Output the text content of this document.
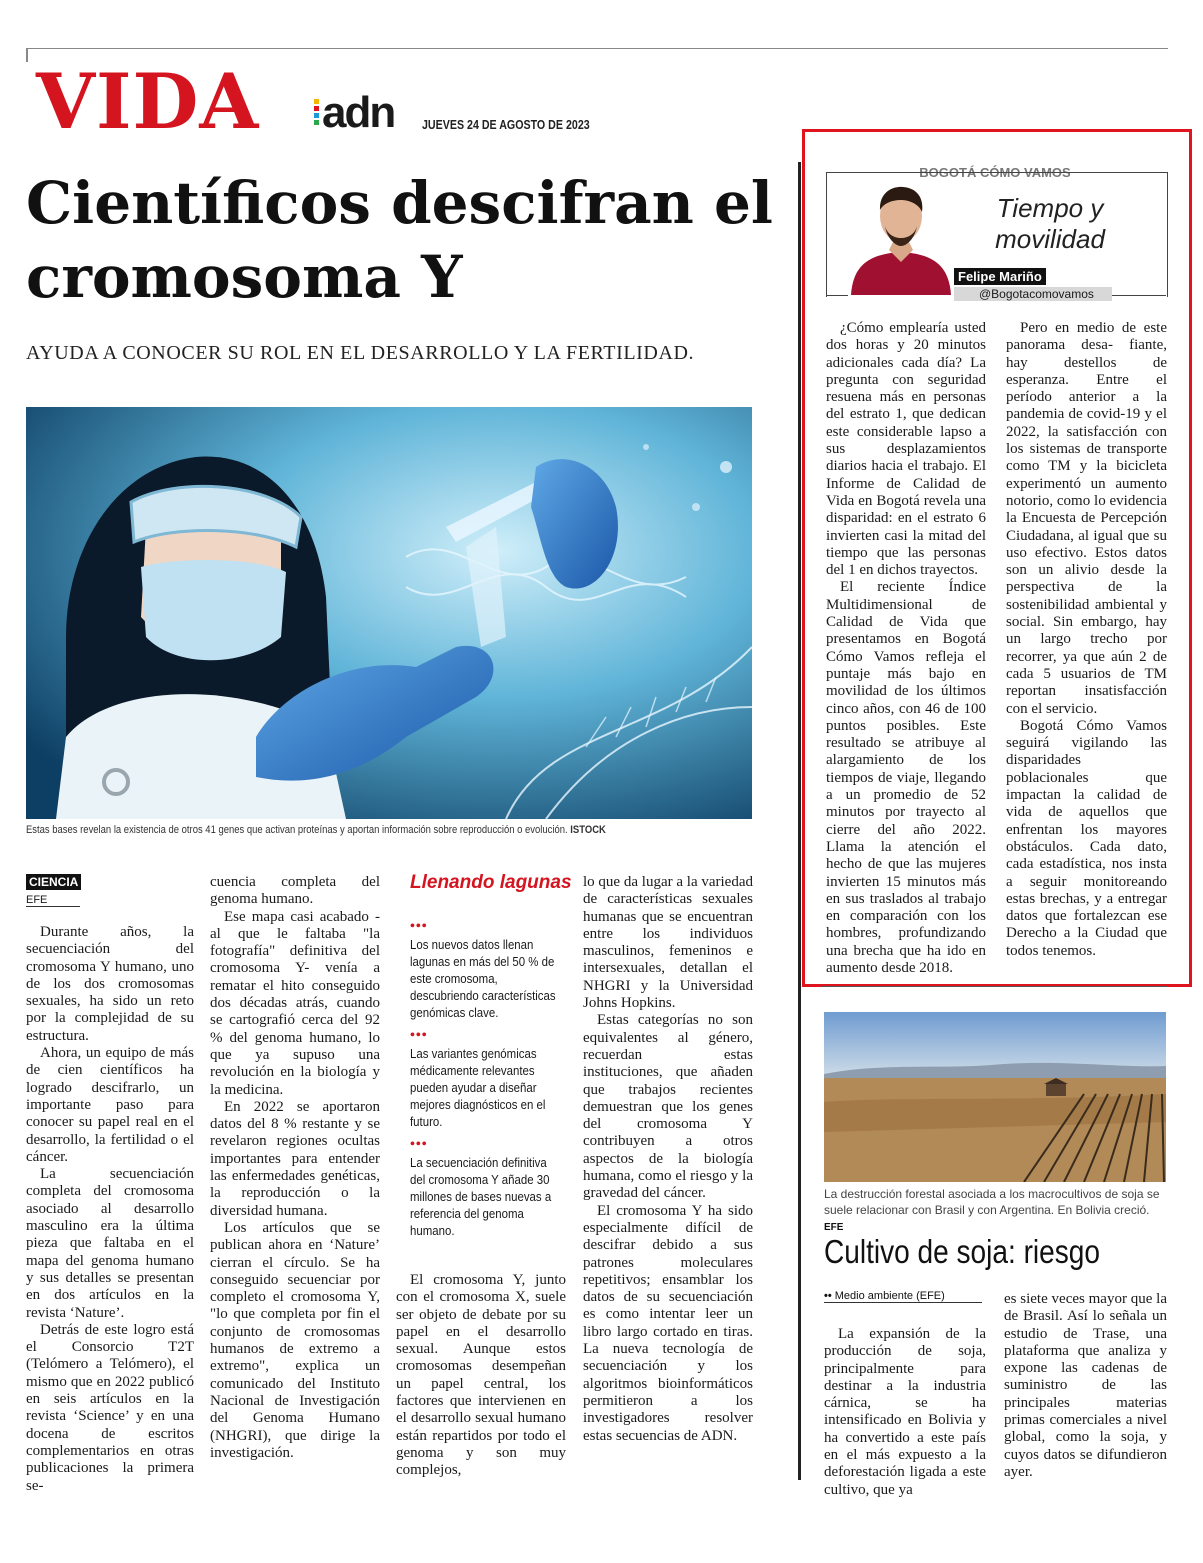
VIDA adn JUEVES 24 DE AGOSTO DE 2023
Científicos descifran el cromosoma Y
AYUDA A CONOCER SU ROL EN EL DESARROLLO Y LA FERTILIDAD.
Estas bases revelan la existencia de otros 41 genes que activan proteínas y aportan información sobre reproducción o evolución. ISTOCK
CIENCIA
EFE

Durante años, la secuenciación del cromosoma Y humano, uno de los dos cromosomas sexuales, ha sido un reto por la complejidad de su estructura.

Ahora, un equipo de más de cien científicos ha logrado descifrarlo, un importante paso para conocer su papel real en el desarrollo, la fertilidad o el cáncer.

La secuenciación completa del cromosoma asociado al desarrollo masculino era la última pieza que faltaba en el mapa del genoma humano y sus detalles se presentan en dos artículos en la revista ‘Nature’.

Detrás de este logro está el Consorcio T2T (Telómero a Telómero), el mismo que en 2022 publicó en seis artículos en la revista ‘Science’ y en una docena de escritos complementarios en otras publicaciones la primera se-

cuencia completa del genoma humano.

Ese mapa casi acabado -al que le faltaba "la fotografía" definitiva del cromosoma Y- venía a rematar el hito conseguido dos décadas atrás, cuando se cartografió cerca del 92 % del genoma humano, lo que ya supuso una revolución en la biología y la medicina.

En 2022 se aportaron datos del 8 % restante y se revelaron regiones ocultas importantes para entender las enfermedades genéticas, la reproducción o la diversidad humana.

Los artículos que se publican ahora en ‘Nature’ cierran el círculo. Se ha conseguido secuenciar por completo el cromosoma Y, "lo que completa por fin el conjunto de cromosomas humanos de extremo a extremo", explica un comunicado del Instituto Nacional de Investigación del Genoma Humano (NHGRI), que dirige la investigación.

Llenando lagunas
•••
Los nuevos datos llenan lagunas en más del 50 % de este cromosoma, descubriendo características genómicas clave.
•••
Las variantes genómicas médicamente relevantes pueden ayudar a diseñar mejores diagnósticos en el futuro.
•••
La secuenciación definitiva del cromosoma Y añade 30 millones de bases nuevas a referencia del genoma humano.

El cromosoma Y, junto con el cromosoma X, suele ser objeto de debate por su papel en el desarrollo sexual. Aunque estos cromosomas desempeñan un papel central, los factores que intervienen en el desarrollo sexual humano están repartidos por todo el genoma y son muy complejos,

lo que da lugar a la variedad de características sexuales humanas que se encuentran entre los individuos masculinos, femeninos e intersexuales, detallan el NHGRI y la Universidad Johns Hopkins.

Estas categorías no son equivalentes al género, recuerdan estas instituciones, que añaden que trabajos recientes demuestran que los genes del cromosoma Y contribuyen a otros aspectos de la biología humana, como el riesgo y la gravedad del cáncer.

El cromosoma Y ha sido especialmente difícil de descifrar debido a sus patrones moleculares repetitivos; ensamblar los datos de su secuenciación es como intentar leer un libro largo cortado en tiras. La nueva tecnología de secuenciación y los algoritmos bioinformáticos permitieron a los investigadores resolver estas secuencias de ADN.

BOGOTÁ CÓMO VAMOS
Tiempo y movilidad
Felipe Mariño
@Bogotacomovamos

¿Cómo emplearía usted dos horas y 20 minutos adicionales cada día? La pregunta con seguridad resuena más en personas del estrato 1, que dedican este considerable lapso a sus desplazamientos diarios hacia el trabajo. El Informe de Calidad de Vida en Bogotá revela una disparidad: en el estrato 6 invierten casi la mitad del tiempo que las personas del 1 en dichos trayectos.

El reciente Índice Multidimensional de Calidad de Vida que presentamos en Bogotá Cómo Vamos refleja el puntaje más bajo en movilidad de los últimos cinco años, con 46 de 100 puntos posibles. Este resultado se atribuye al alargamiento de los tiempos de viaje, llegando a un promedio de 52 minutos por trayecto al cierre del año 2022. Llama la atención el hecho de que las mujeres invierten 15 minutos más en sus traslados al trabajo en comparación con los hombres, profundizando una brecha que ha ido en aumento desde 2018.

Pero en medio de este panorama desa- fiante, hay destellos de esperanza. Entre el período anterior a la pandemia de covid-19 y el 2022, la satisfacción con los sistemas de transporte como TM y la bicicleta experimentó un aumento notorio, como lo evidencia la Encuesta de Percepción Ciudadana, al igual que su uso efectivo. Estos datos son un alivio desde la perspectiva de la sostenibilidad ambiental y social. Sin embargo, hay un largo trecho por recorrer, ya que aún 2 de cada 5 usuarios de TM reportan insatisfacción con el servicio.

Bogotá Cómo Vamos seguirá vigilando las disparidades poblacionales que impactan la calidad de vida de aquellos que enfrentan los mayores obstáculos. Cada dato, cada estadística, nos insta a seguir monitoreando estas brechas, y a entregar datos que fortalezcan ese Derecho a la Ciudad que todos tenemos.

La destrucción forestal asociada a los macrocultivos de soja se suele relacionar con Brasil y con Argentina. En Bolivia creció. EFE
Cultivo de soja: riesgo
•• Medio ambiente (EFE)

La expansión de la producción de soja, principalmente para destinar a la industria cárnica, se ha intensificado en Bolivia y ha convertido a este país en el más expuesto a la deforestación ligada a este cultivo, que ya

es siete veces mayor que la de Brasil. Así lo señala un estudio de Trase, una plataforma que analiza y expone las cadenas de suministro de las principales materias primas comerciales a nivel global, como la soja, y cuyos datos se difundieron ayer.
